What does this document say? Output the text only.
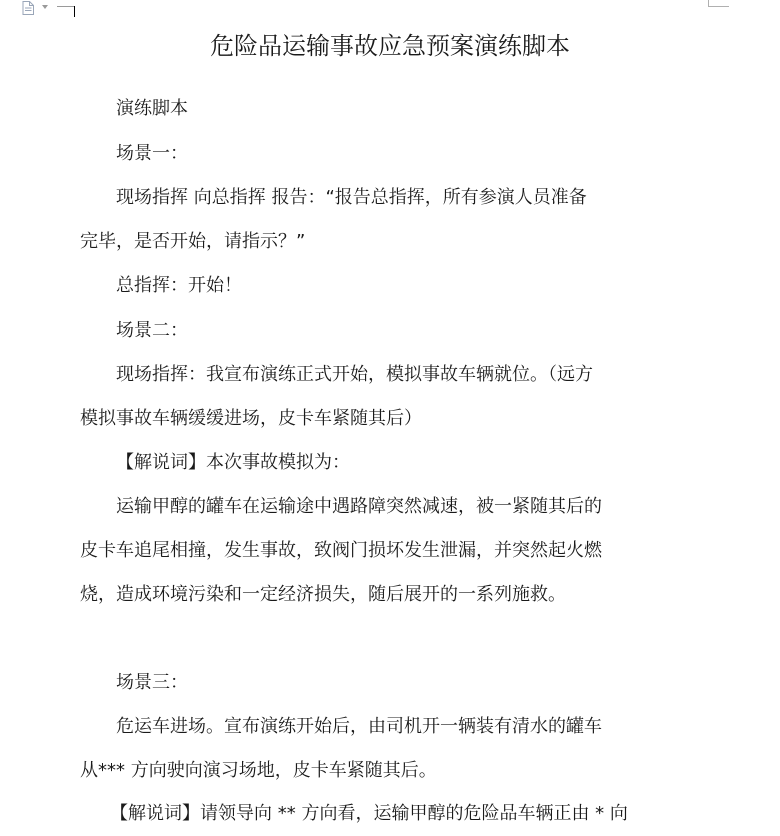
危险品运输事故应急预案演练脚本
演练脚本
场景一：
现场指挥 向总指挥 报告：“报告总指挥，所有参演人员准备
完毕，是否开始，请指示？”
总指挥：开始！
场景二：
现场指挥：我宣布演练正式开始，模拟事故车辆就位。（远方
模拟事故车辆缓缓进场，皮卡车紧随其后）
【解说词】本次事故模拟为：
运输甲醇的罐车在运输途中遇路障突然减速，被一紧随其后的
皮卡车追尾相撞，发生事故，致阀门损坏发生泄漏，并突然起火燃
烧，造成环境污染和一定经济损失，随后展开的一系列施救。
场景三：
危运车进场。宣布演练开始后，由司机开一辆装有清水的罐车
从*** 方向驶向演习场地，皮卡车紧随其后。
【解说词】请领导向 ** 方向看，运输甲醇的危险品车辆正由 * 向
